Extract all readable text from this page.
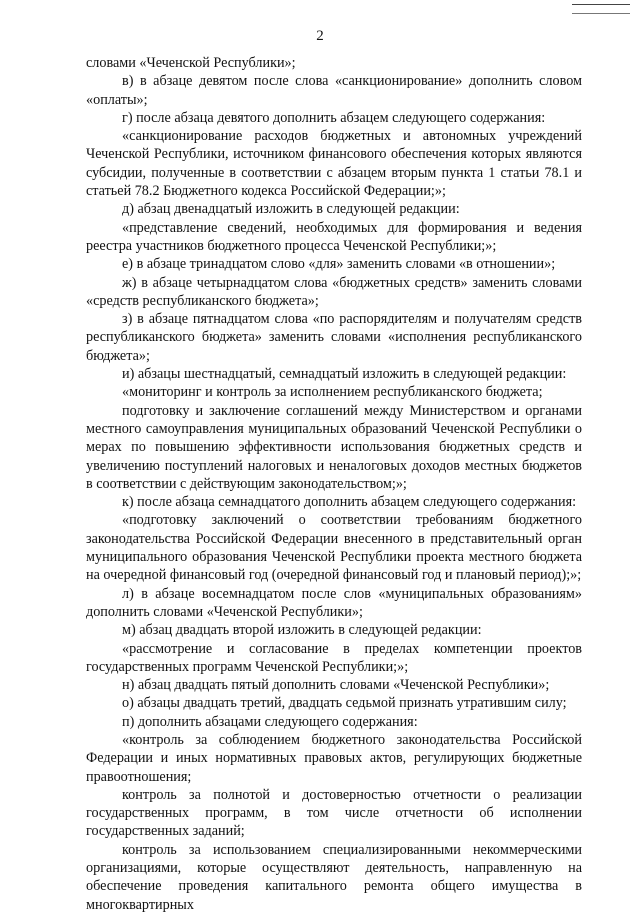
2

словами «Чеченской Республики»;

в) в абзаце девятом после слова «санкционирование» дополнить словом «оплаты»;

г) после абзаца девятого дополнить абзацем следующего содержания:

«санкционирование расходов бюджетных и автономных учреждений Чеченской Республики, источником финансового обеспечения которых являются субсидии, полученные в соответствии с абзацем вторым пункта 1 статьи 78.1 и статьей 78.2 Бюджетного кодекса Российской Федерации;»;

д) абзац двенадцатый изложить в следующей редакции:

«представление сведений, необходимых для формирования и ведения реестра участников бюджетного процесса Чеченской Республики;»;

е) в абзаце тринадцатом слово «для» заменить словами «в отношении»;

ж) в абзаце четырнадцатом слова «бюджетных средств» заменить словами «средств республиканского бюджета»;

з) в абзаце пятнадцатом слова «по распорядителям и получателям средств республиканского бюджета» заменить словами «исполнения республиканского бюджета»;

и) абзацы шестнадцатый, семнадцатый изложить в следующей редакции:

«мониторинг и контроль за исполнением республиканского бюджета;

подготовку и заключение соглашений между Министерством и органами местного самоуправления муниципальных образований Чеченской Республики о мерах по повышению эффективности использования бюджетных средств и увеличению поступлений налоговых и неналоговых доходов местных бюджетов в соответствии с действующим законодательством;»;

к) после абзаца семнадцатого дополнить абзацем следующего содержания:

«подготовку заключений о соответствии требованиям бюджетного законодательства Российской Федерации внесенного в представительный орган муниципального образования Чеченской Республики проекта местного бюджета на очередной финансовый год (очередной финансовый год и плановый период);»;

л) в абзаце восемнадцатом после слов «муниципальных образованиям» дополнить словами «Чеченской Республики»;

м) абзац двадцать второй изложить в следующей редакции:

«рассмотрение и согласование в пределах компетенции проектов государственных программ Чеченской Республики;»;

н) абзац двадцать пятый дополнить словами «Чеченской Республики»;

о) абзацы двадцать третий, двадцать седьмой признать утратившим силу;

п) дополнить абзацами следующего содержания:

«контроль за соблюдением бюджетного законодательства Российской Федерации и иных нормативных правовых актов, регулирующих бюджетные правоотношения;

контроль за полнотой и достоверностью отчетности о реализации государственных программ, в том числе отчетности об исполнении государственных заданий;

контроль за использованием специализированными некоммерческими организациями, которые осуществляют деятельность, направленную на обеспечение проведения капитального ремонта общего имущества в многоквартирных
